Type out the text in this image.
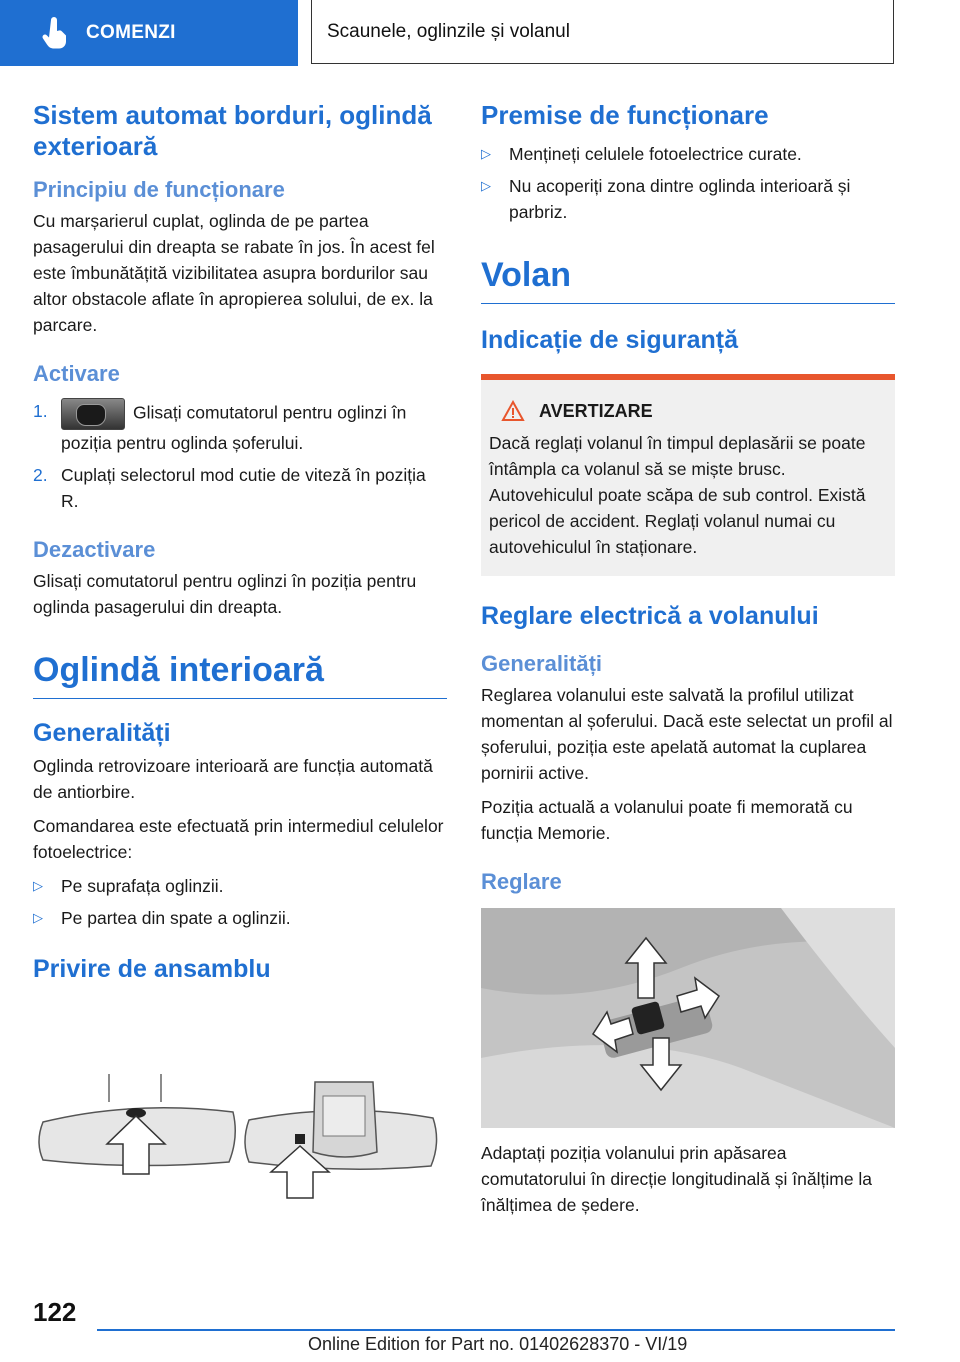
COMENZI	Scaunele, oglinzile și volanul
Sistem automat borduri, oglindă exterioară
Principiu de funcționare

Cu marșarierul cuplat, oglinda de pe partea pasagerului din dreapta se rabate în jos. În acest fel este îmbunătățită vizibilitatea asupra bordurilor sau altor obstacole aflate în apropierea solului, de ex. la parcare.

Activare
1.	Glisați comutatorul pentru oglinzi în poziția pentru oglinda șoferului.
2. Cuplați selectorul mod cutie de viteză în poziția R.
Dezactivare

Glisați comutatorul pentru oglinzi în poziția pentru oglinda pasagerului din dreapta.

Oglindă interioară
Generalități

Oglinda retrovizoare interioară are funcția automată de antiorbire.

Comandarea este efectuată prin intermediul celulelor fotoelectrice:

▷	Pe suprafața oglinzii.
▷	Pe partea din spate a oglinzii.
Privire de ansamblu
Premise de funcționare
▷	Mențineți celulele fotoelectrice curate.
▷	Nu acoperiți zona dintre oglinda interioară și parbriz.
Volan
Indicație de siguranță
AVERTIZARE

Dacă reglați volanul în timpul deplasării se poate întâmpla ca volanul să se miște brusc. Autovehiculul poate scăpa de sub control. Există pericol de accident. Reglați volanul numai cu autovehiculul în staționare.

Reglare electrică a volanului
Generalități

Reglarea volanului este salvată la profilul utilizat momentan al șoferului. Dacă este selectat un profil al șoferului, poziția este apelată automat la cuplarea pornirii active.

Poziția actuală a volanului poate fi memorată cu funcția Memorie.

Reglare

Adaptați poziția volanului prin apăsarea comutatorului în direcție longitudinală și înălțime la înălțimea de ședere.

122
Online Edition for Part no. 01402628370 - VI/19
